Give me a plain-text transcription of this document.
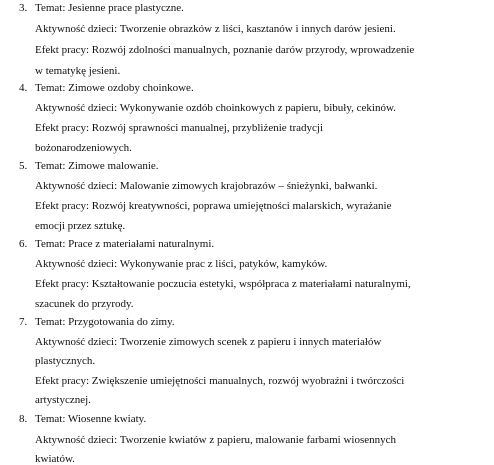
3. Temat: Jesienne prace plastyczne.
Aktywność dzieci: Tworzenie obrazków z liści, kasztanów i innych darów jesieni.
Efekt pracy: Rozwój zdolności manualnych, poznanie darów przyrody, wprowadzenie
w tematykę jesieni.
4. Temat: Zimowe ozdoby choinkowe.
Aktywność dzieci: Wykonywanie ozdób choinkowych z papieru, bibuły, cekinów.
Efekt pracy: Rozwój sprawności manualnej, przybliżenie tradycji
bożonarodzeniowych.
5. Temat: Zimowe malowanie.
Aktywność dzieci: Malowanie zimowych krajobrazów – śnieżynki, bałwanki.
Efekt pracy: Rozwój kreatywności, poprawa umiejętności malarskich, wyrażanie
emocji przez sztukę.
6. Temat: Prace z materiałami naturalnymi.
Aktywność dzieci: Wykonywanie prac z liści, patyków, kamyków.
Efekt pracy: Kształtowanie poczucia estetyki, współpraca z materiałami naturalnymi,
szacunek do przyrody.
7. Temat: Przygotowania do zimy.
Aktywność dzieci: Tworzenie zimowych scenek z papieru i innych materiałów
plastycznych.
Efekt pracy: Zwiększenie umiejętności manualnych, rozwój wyobraźni i twórczości
artystycznej.
8. Temat: Wiosenne kwiaty.
Aktywność dzieci: Tworzenie kwiatów z papieru, malowanie farbami wiosennych
kwiatów.
